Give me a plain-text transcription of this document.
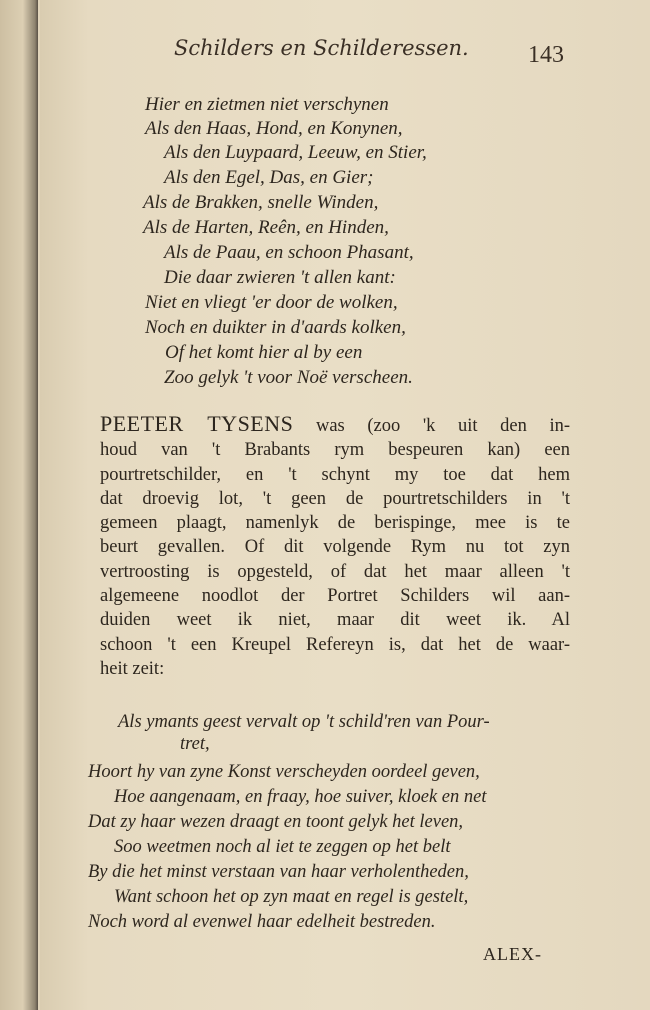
Schilders en Schilderessen. 143
Hier en zietmen niet verschynen
Als den Haas, Hond, en Konynen,
Als den Luypaard, Leeuw, en Stier,
Als den Egel, Das, en Gier;
Als de Brakken, snelle Winden,
Als de Harten, Reên, en Hinden,
Als de Paau, en schoon Phasant,
Die daar zwieren 't allen kant:
Niet en vliegt 'er door de wolken,
Noch en duikter in d'aards kolken,
Of het komt hier al by een
Zoo gelyk 't voor Noë verscheen.
PEETER TYSENS was (zoo 'k uit den in-
houd van 't Brabants rym bespeuren kan) een
pourtretschilder, en 't schynt my toe dat hem
dat droevig lot, 't geen de pourtretschilders in 't
gemeen plaagt, namenlyk de berispinge, mee is te
beurt gevallen. Of dit volgende Rym nu tot zyn
vertroosting is opgesteld, of dat het maar alleen 't
algemeene noodlot der Portret Schilders wil aan-
duiden weet ik niet, maar dit weet ik. Al
schoon 't een Kreupel Refereyn is, dat het de waar-
heit zeit:
Als ymants geest vervalt op 't schild'ren van Pour-
tret,
Hoort hy van zyne Konst verscheyden oordeel geven,
Hoe aangenaam, en fraay, hoe suiver, kloek en net
Dat zy haar wezen draagt en toont gelyk het leven,
Soo weetmen noch al iet te zeggen op het belt
By die het minst verstaan van haar verholentheden,
Want schoon het op zyn maat en regel is gestelt,
Noch word al evenwel haar edelheit bestreden.
ALEX-
